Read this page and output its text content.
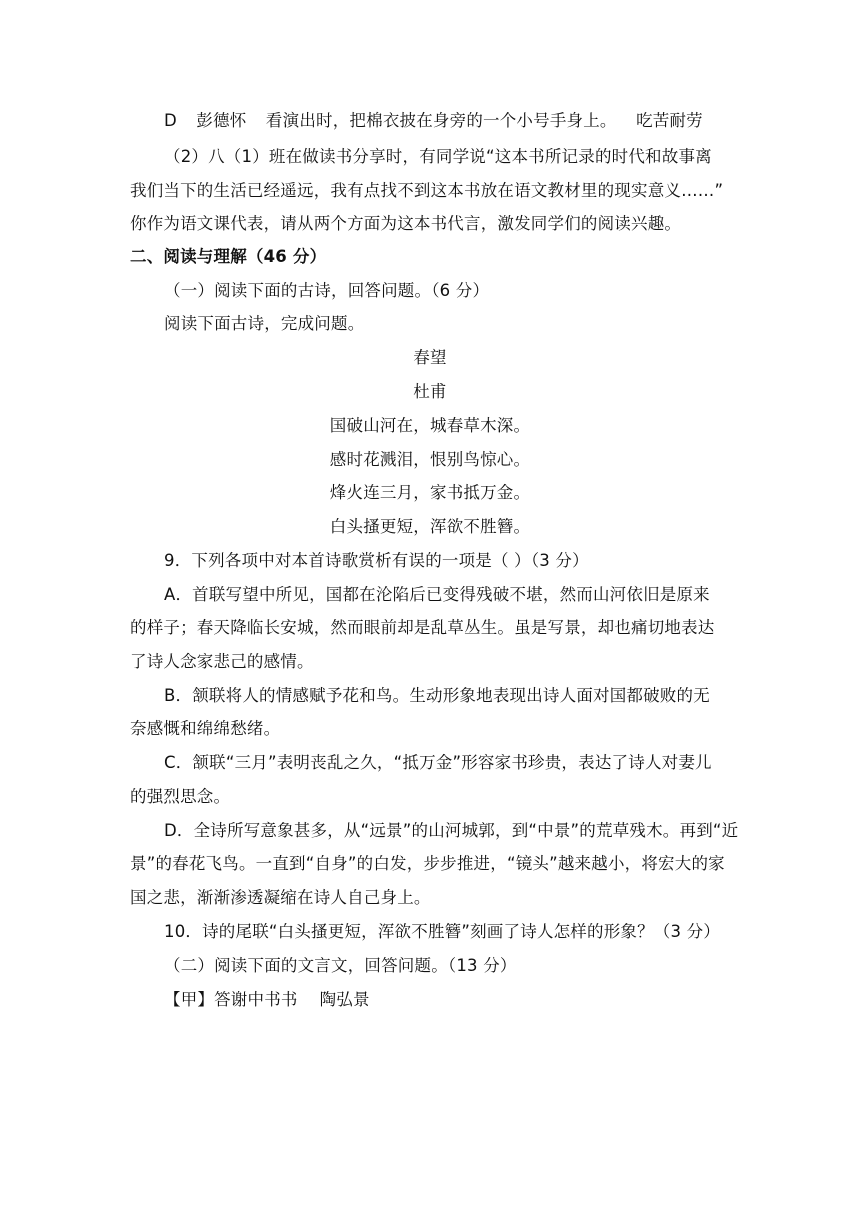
D 彭德怀 看演出时，把棉衣披在身旁的一个小号手身上。 吃苦耐劳
（2）八（1）班在做读书分享时，有同学说“这本书所记录的时代和故事离
我们当下的生活已经遥远，我有点找不到这本书放在语文教材里的现实意义……”
你作为语文课代表，请从两个方面为这本书代言，激发同学们的阅读兴趣。
二、阅读与理解（46 分）
（一）阅读下面的古诗，回答问题。（6 分）
阅读下面古诗，完成问题。
春望
杜甫
国破山河在，城春草木深。
感时花溅泪，恨别鸟惊心。
烽火连三月，家书抵万金。
白头搔更短，浑欲不胜簪。
9．下列各项中对本首诗歌赏析有误的一项是（ ）（3 分）
A．首联写望中所见，国都在沦陷后已变得残破不堪，然而山河依旧是原来
的样子；春天降临长安城，然而眼前却是乱草丛生。虽是写景，却也痛切地表达
了诗人念家悲己的感情。
B．颔联将人的情感赋予花和鸟。生动形象地表现出诗人面对国都破败的无
奈感慨和绵绵愁绪。
C．颔联“三月”表明丧乱之久，“抵万金”形容家书珍贵，表达了诗人对妻儿
的强烈思念。
D．全诗所写意象甚多，从“远景”的山河城郭，到“中景”的荒草残木。再到“近
景”的春花飞鸟。一直到“自身”的白发，步步推进，“镜头”越来越小，将宏大的家
国之悲，渐渐渗透凝缩在诗人自己身上。
10．诗的尾联“白头搔更短，浑欲不胜簪”刻画了诗人怎样的形象？（3 分）
（二）阅读下面的文言文，回答问题。（13 分）
【甲】答谢中书书 陶弘景
